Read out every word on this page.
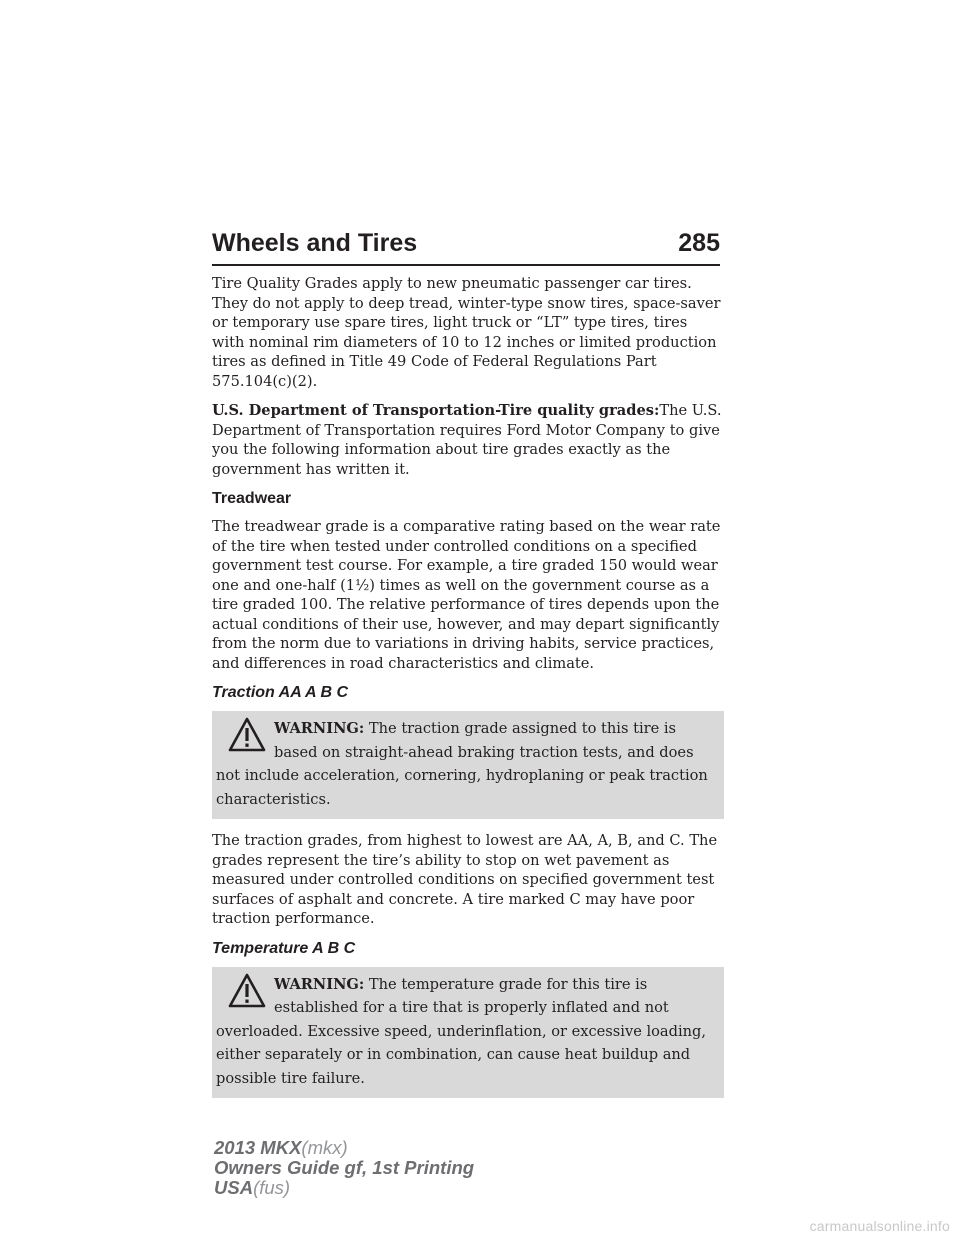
Wheels and Tires	285

Tire Quality Grades apply to new pneumatic passenger car tires. They do not apply to deep tread, winter-type snow tires, space-saver or temporary use spare tires, light truck or “LT” type tires, tires with nominal rim diameters of 10 to 12 inches or limited production tires as defined in Title 49 Code of Federal Regulations Part 575.104(c)(2).

U.S. Department of Transportation-Tire quality grades:The U.S. Department of Transportation requires Ford Motor Company to give you the following information about tire grades exactly as the government has written it.

Treadwear

The treadwear grade is a comparative rating based on the wear rate of the tire when tested under controlled conditions on a specified government test course. For example, a tire graded 150 would wear one and one-half (1½) times as well on the government course as a tire graded 100. The relative performance of tires depends upon the actual conditions of their use, however, and may depart significantly from the norm due to variations in driving habits, service practices, and differences in road characteristics and climate.

Traction AA A B C
WARNING: The traction grade assigned to this tire is based on straight-ahead braking traction tests, and does not include acceleration, cornering, hydroplaning or peak traction characteristics.

The traction grades, from highest to lowest are AA, A, B, and C. The grades represent the tire’s ability to stop on wet pavement as measured under controlled conditions on specified government test surfaces of asphalt and concrete. A tire marked C may have poor traction performance.

Temperature A B C
WARNING: The temperature grade for this tire is established for a tire that is properly inflated and not overloaded. Excessive speed, underinflation, or excessive loading, either separately or in combination, can cause heat buildup and possible tire failure.
2013 MKX(mkx)
Owners Guide gf, 1st Printing
USA(fus)
carmanualsonline.info
